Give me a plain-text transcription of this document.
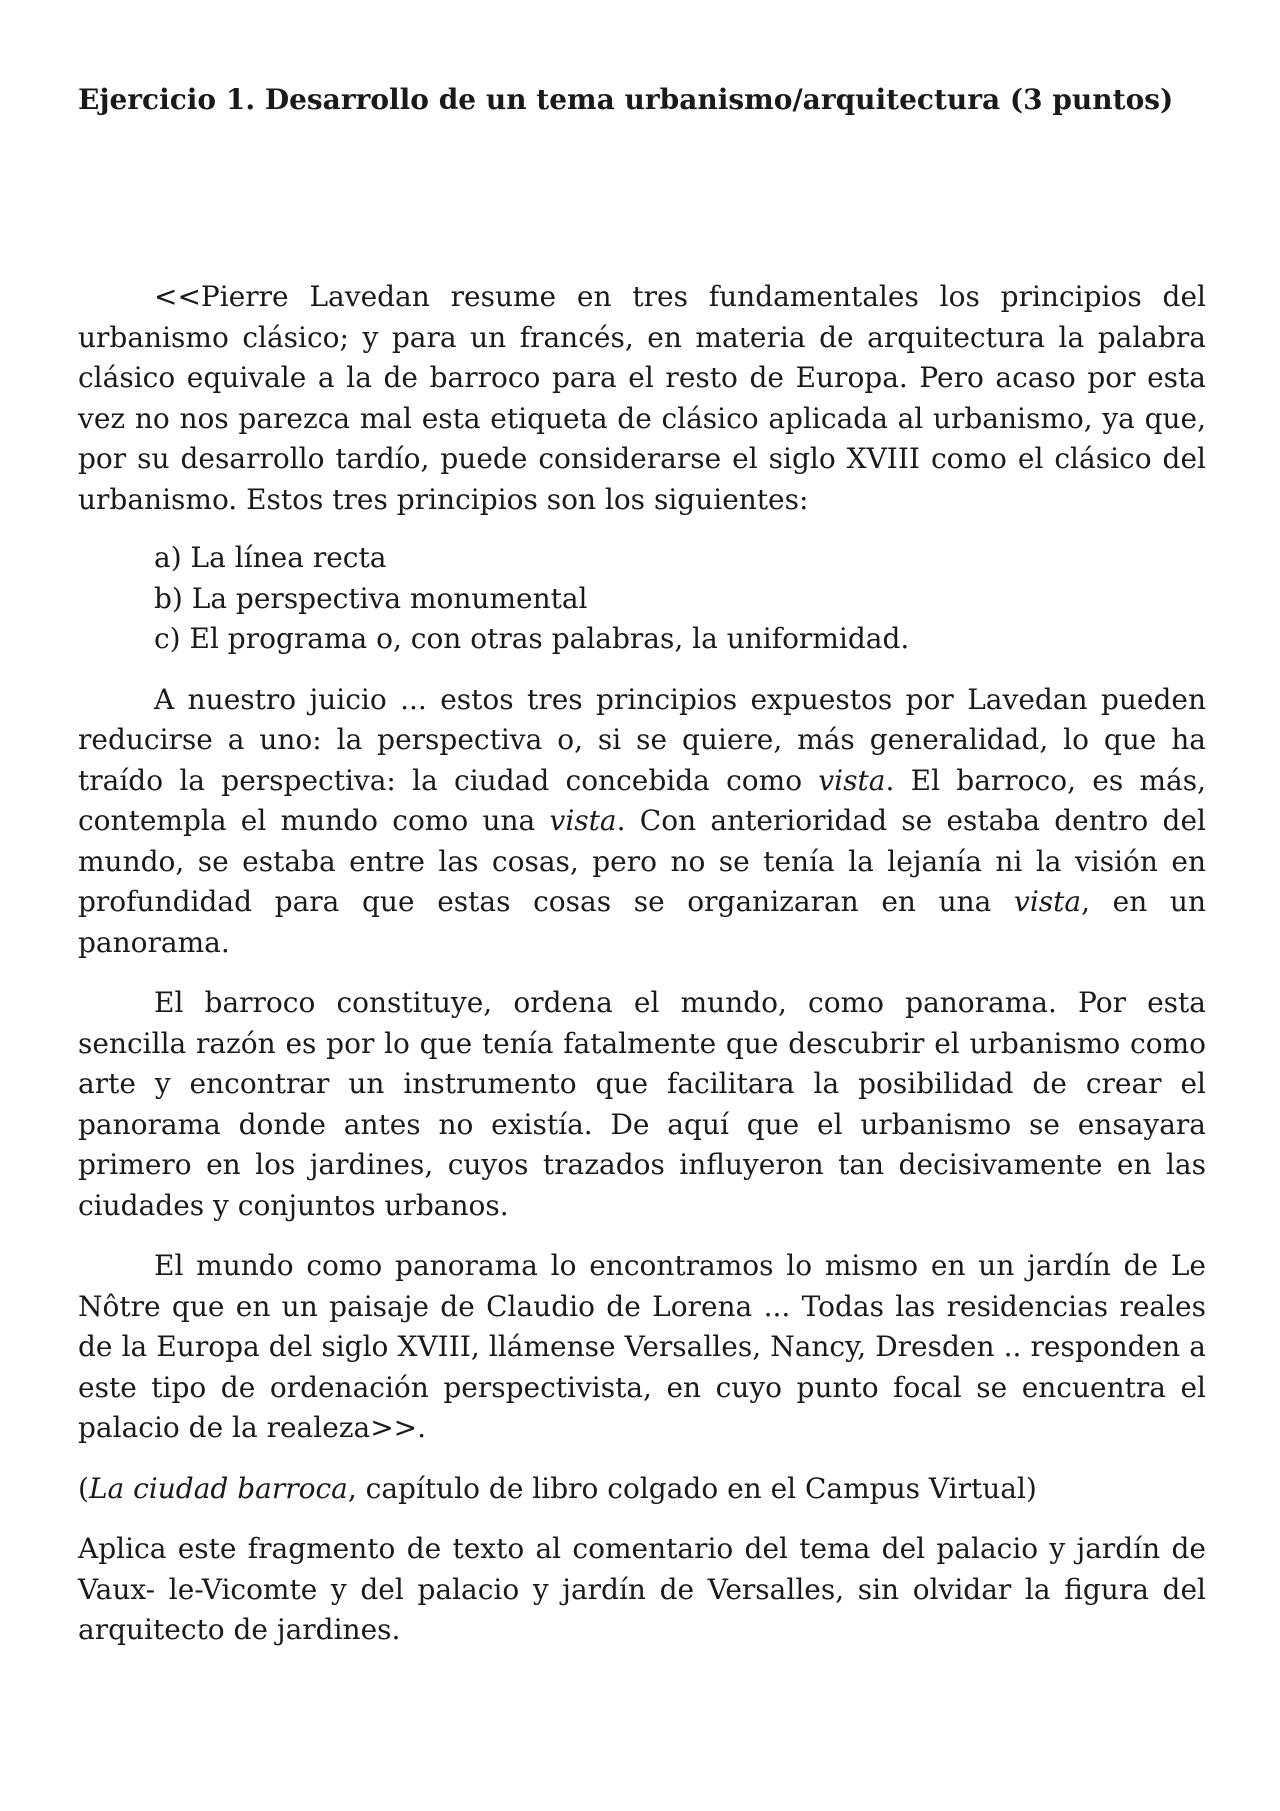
Ejercicio 1. Desarrollo de un tema urbanismo/arquitectura (3 puntos)

<<Pierre Lavedan resume en tres fundamentales los principios del urbanismo clásico; y para un francés, en materia de arquitectura la palabra clásico equivale a la de barroco para el resto de Europa. Pero acaso por esta vez no nos parezca mal esta etiqueta de clásico aplicada al urbanismo, ya que, por su desarrollo tardío, puede considerarse el siglo XVIII como el clásico del urbanismo. Estos tres principios son los siguientes:

a) La línea recta
b) La perspectiva monumental
c) El programa o, con otras palabras, la uniformidad.

A nuestro juicio ... estos tres principios expuestos por Lavedan pueden reducirse a uno: la perspectiva o, si se quiere, más generalidad, lo que ha traído la perspectiva: la ciudad concebida como vista. El barroco, es más, contempla el mundo como una vista. Con anterioridad se estaba dentro del mundo, se estaba entre las cosas, pero no se tenía la lejanía ni la visión en profundidad para que estas cosas se organizaran en una vista, en un panorama.

El barroco constituye, ordena el mundo, como panorama. Por esta sencilla razón es por lo que tenía fatalmente que descubrir el urbanismo como arte y encontrar un instrumento que facilitara la posibilidad de crear el panorama donde antes no existía. De aquí que el urbanismo se ensayara primero en los jardines, cuyos trazados influyeron tan decisivamente en las ciudades y conjuntos urbanos.

El mundo como panorama lo encontramos lo mismo en un jardín de Le Nôtre que en un paisaje de Claudio de Lorena ... Todas las residencias reales de la Europa del siglo XVIII, llámense Versalles, Nancy, Dresden .. responden a este tipo de ordenación perspectivista, en cuyo punto focal se encuentra el palacio de la realeza>>.

(La ciudad barroca, capítulo de libro colgado en el Campus Virtual)

Aplica este fragmento de texto al comentario del tema del palacio y jardín de Vaux- le-Vicomte y del palacio y jardín de Versalles, sin olvidar la figura del arquitecto de jardines.
